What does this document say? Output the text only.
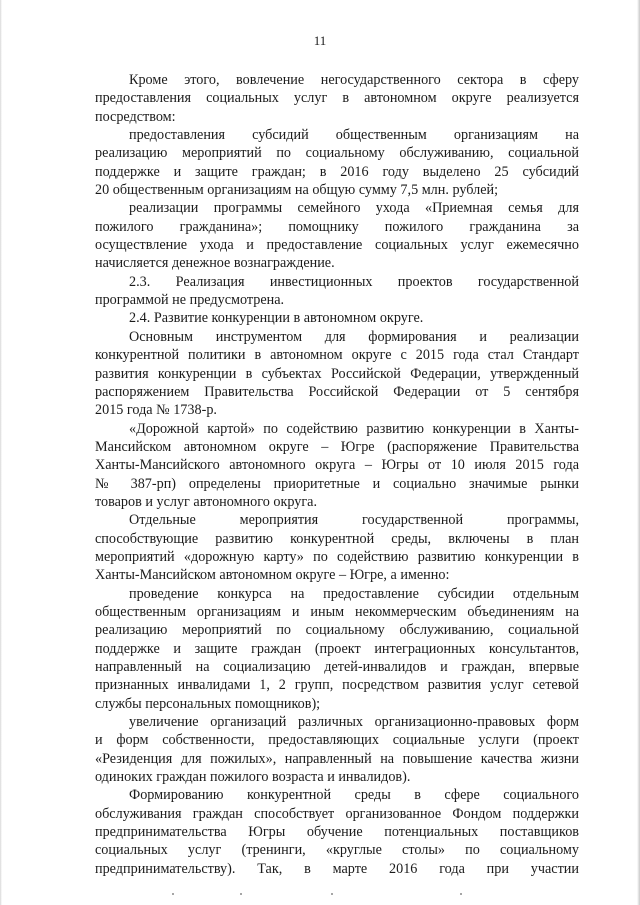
11
Кроме этого, вовлечение негосударственного сектора в сферу
предоставления социальных услуг в автономном округе реализуется
посредством:
предоставления субсидий общественным организациям на
реализацию мероприятий по социальному обслуживанию, социальной
поддержке и защите граждан; в 2016 году выделено 25 субсидий
20 общественным организациям на общую сумму 7,5 млн. рублей;
реализации программы семейного ухода «Приемная семья для
пожилого гражданина»; помощнику пожилого гражданина за
осуществление ухода и предоставление социальных услуг ежемесячно
начисляется денежное вознаграждение.
2.3. Реализация инвестиционных проектов государственной
программой не предусмотрена.
2.4. Развитие конкуренции в автономном округе.
Основным инструментом для формирования и реализации
конкурентной политики в автономном округе с 2015 года стал Стандарт
развития конкуренции в субъектах Российской Федерации, утвержденный
распоряжением Правительства Российской Федерации от 5 сентября
2015 года № 1738-р.
«Дорожной картой» по содействию развитию конкуренции в Ханты-
Мансийском автономном округе – Югре (распоряжение Правительства
Ханты-Мансийского автономного округа – Югры от 10 июля 2015 года
№ 387-рп) определены приоритетные и социально значимые рынки
товаров и услуг автономного округа.
Отдельные мероприятия государственной программы,
способствующие развитию конкурентной среды, включены в план
мероприятий «дорожную карту» по содействию развитию конкуренции в
Ханты-Мансийском автономном округе – Югре, а именно:
проведение конкурса на предоставление субсидии отдельным
общественным организациям и иным некоммерческим объединениям на
реализацию мероприятий по социальному обслуживанию, социальной
поддержке и защите граждан (проект интеграционных консультантов,
направленный на социализацию детей-инвалидов и граждан, впервые
признанных инвалидами 1, 2 групп, посредством развития услуг сетевой
службы персональных помощников);
увеличение организаций различных организационно-правовых форм
и форм собственности, предоставляющих социальные услуги (проект
«Резиденция для пожилых», направленный на повышение качества жизни
одиноких граждан пожилого возраста и инвалидов).
Формированию конкурентной среды в сфере социального
обслуживания граждан способствует организованное Фондом поддержки
предпринимательства Югры обучение потенциальных поставщиков
социальных услуг (тренинги, «круглые столы» по социальному
предпринимательству). Так, в марте 2016 года при участии
